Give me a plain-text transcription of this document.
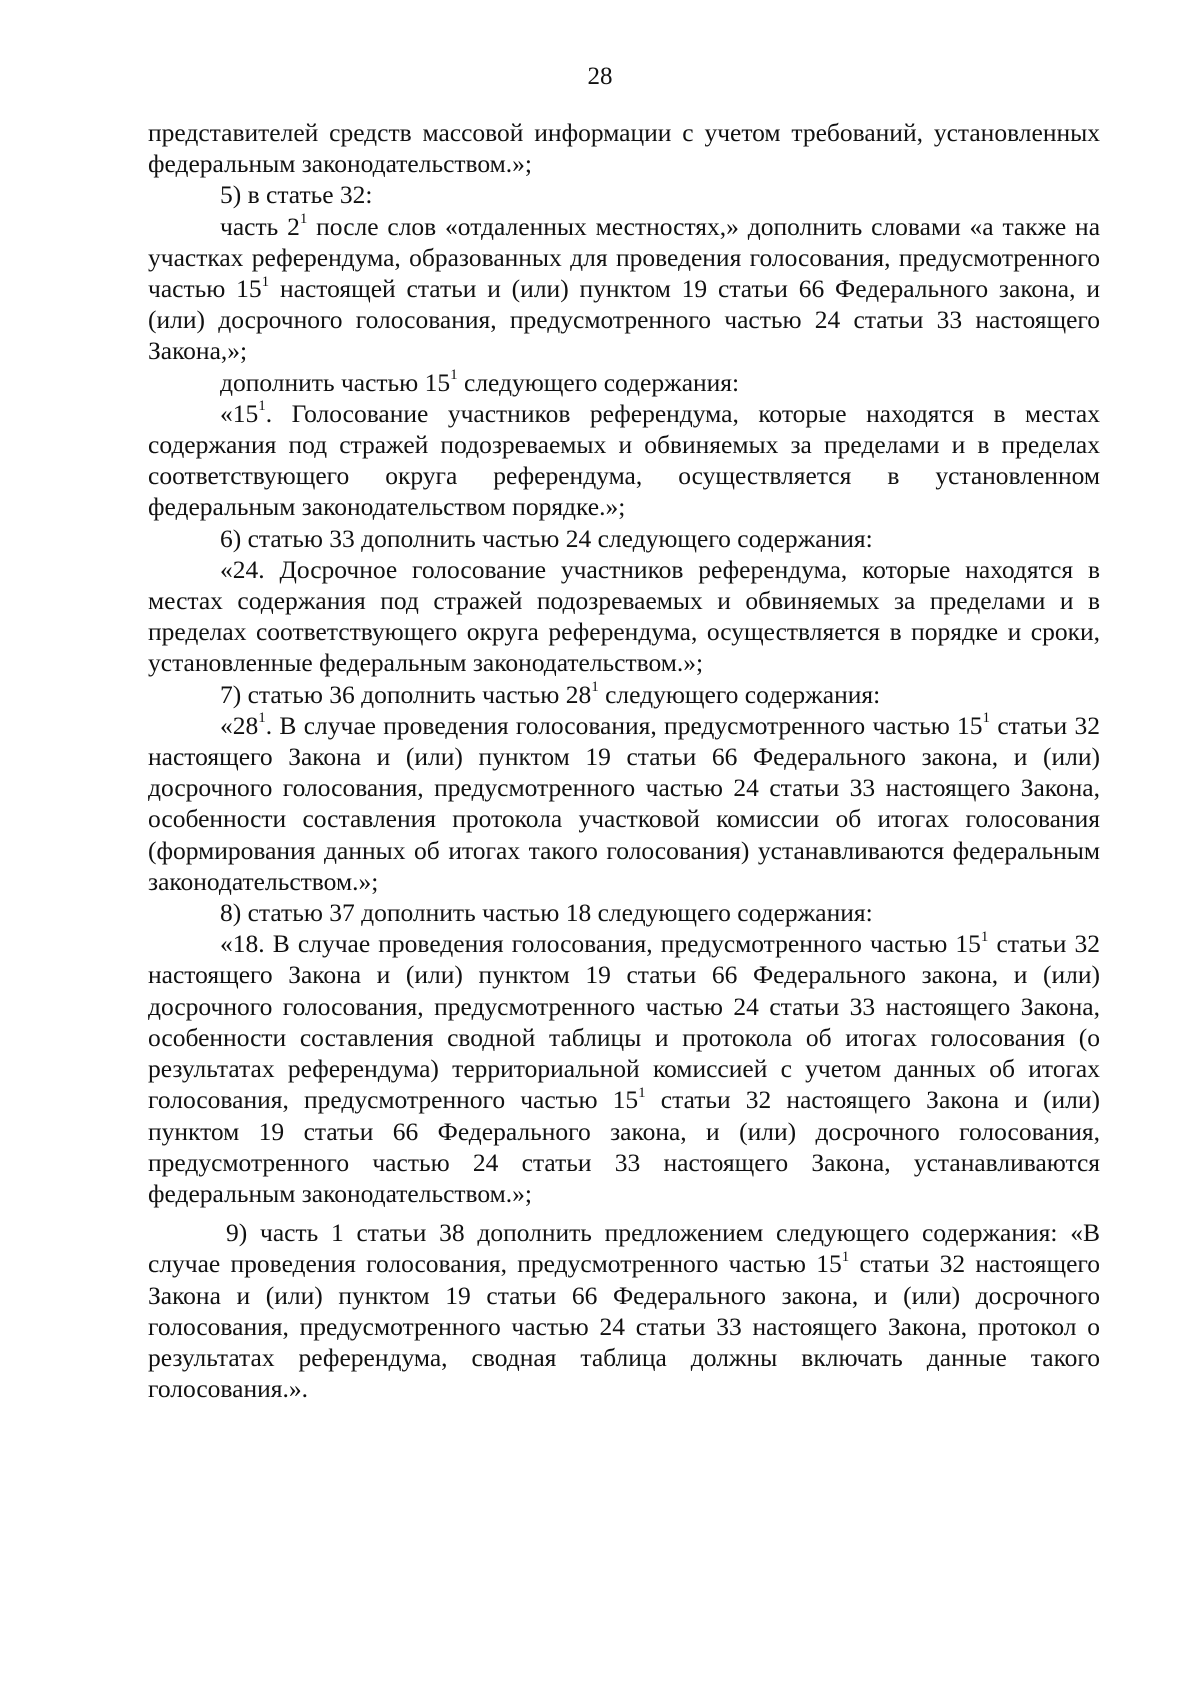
28

представителей средств массовой информации с учетом требований, установленных федеральным законодательством.»;

5) в статье 32:

часть $2^1$ после слов «отдаленных местностях,» дополнить словами «а также на участках референдума, образованных для проведения голосования, предусмотренного частью $15^1$ настоящей статьи и (или) пунктом 19 статьи 66 Федерального закона, и (или) досрочного голосования, предусмотренного частью 24 статьи 33 настоящего Закона,»;

дополнить частью $15^1$ следующего содержания:

«$15^1$. Голосование участников референдума, которые находятся в местах содержания под стражей подозреваемых и обвиняемых за пределами и в пределах соответствующего округа референдума, осуществляется в установленном федеральным законодательством порядке.»;

6) статью 33 дополнить частью 24 следующего содержания:

«24. Досрочное голосование участников референдума, которые находятся в местах содержания под стражей подозреваемых и обвиняемых за пределами и в пределах соответствующего округа референдума, осуществляется в порядке и сроки, установленные федеральным законодательством.»;

7) статью 36 дополнить частью $28^1$ следующего содержания:

«$28^1$. В случае проведения голосования, предусмотренного частью $15^1$ статьи 32 настоящего Закона и (или) пунктом 19 статьи 66 Федерального закона, и (или) досрочного голосования, предусмотренного частью 24 статьи 33 настоящего Закона, особенности составления протокола участковой комиссии об итогах голосования (формирования данных об итогах такого голосования) устанавливаются федеральным законодательством.»;

8) статью 37 дополнить частью 18 следующего содержания:

«18. В случае проведения голосования, предусмотренного частью $15^1$ статьи 32 настоящего Закона и (или) пунктом 19 статьи 66 Федерального закона, и (или) досрочного голосования, предусмотренного частью 24 статьи 33 настоящего Закона, особенности составления сводной таблицы и протокола об итогах голосования (о результатах референдума) территориальной комиссией с учетом данных об итогах голосования, предусмотренного частью $15^1$ статьи 32 настоящего Закона и (или) пунктом 19 статьи 66 Федерального закона, и (или) досрочного голосования, предусмотренного частью 24 статьи 33 настоящего Закона, устанавливаются федеральным законодательством.»;

9) часть 1 статьи 38 дополнить предложением следующего содержания: «В случае проведения голосования, предусмотренного частью $15^1$ статьи 32 настоящего Закона и (или) пунктом 19 статьи 66 Федерального закона, и (или) досрочного голосования, предусмотренного частью 24 статьи 33 настоящего Закона, протокол о результатах референдума, сводная таблица должны включать данные такого голосования.».
